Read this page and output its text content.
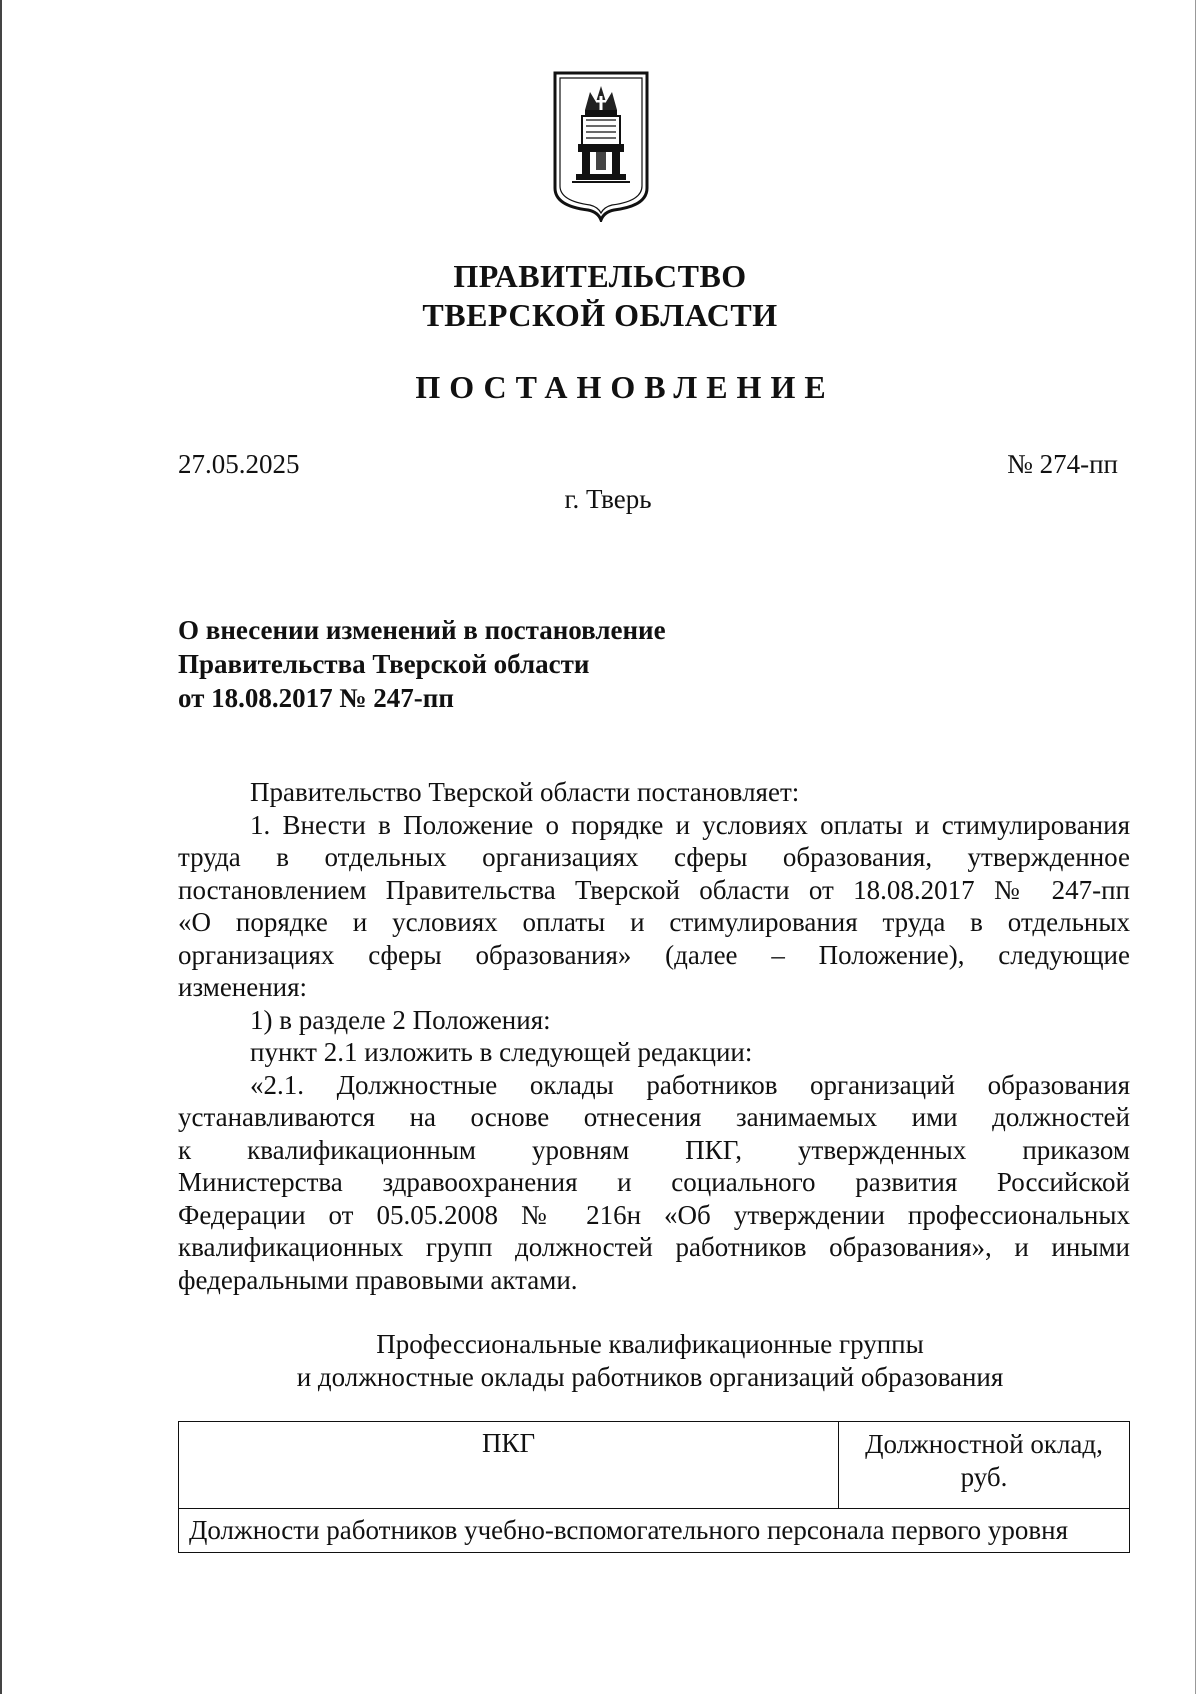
ПРАВИТЕЛЬСТВО
ТВЕРСКОЙ ОБЛАСТИ
ПОСТАНОВЛЕНИЕ
27.05.2025	№ 274-пп
г. Тверь
О внесении изменений в постановление
Правительства Тверской области
от 18.08.2017 № 247-пп
Правительство Тверской области постановляет:
1. Внести в Положение о порядке и условиях оплаты и стимулирования
труда в отдельных организациях сферы образования, утвержденное
постановлением Правительства Тверской области от 18.08.2017 № 247-пп
«О порядке и условиях оплаты и стимулирования труда в отдельных
организациях сферы образования» (далее – Положение), следующие
изменения:
1) в разделе 2 Положения:
пункт 2.1 изложить в следующей редакции:
«2.1. Должностные оклады работников организаций образования
устанавливаются на основе отнесения занимаемых ими должностей
к квалификационным уровням ПКГ, утвержденных приказом
Министерства здравоохранения и социального развития Российской
Федерации от 05.05.2008 № 216н «Об утверждении профессиональных
квалификационных групп должностей работников образования», и иными
федеральными правовыми актами.
Профессиональные квалификационные группы
и должностные оклады работников организаций образования
ПКГ	Должностной оклад, руб.
Должности работников учебно-вспомогательного персонала первого уровня
